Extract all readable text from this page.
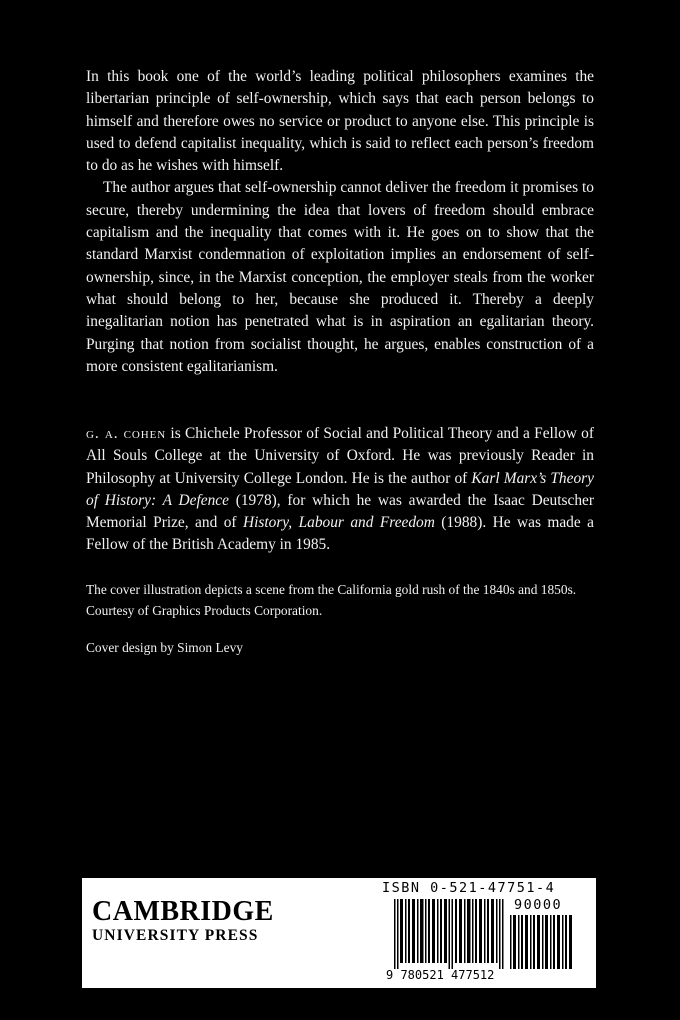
In this book one of the world’s leading political philosophers examines the libertarian principle of self-ownership, which says that each person belongs to himself and therefore owes no service or product to anyone else. This principle is used to defend capitalist inequality, which is said to reflect each person’s freedom to do as he wishes with himself.

The author argues that self-ownership cannot deliver the freedom it promises to secure, thereby undermining the idea that lovers of freedom should embrace capitalism and the inequality that comes with it. He goes on to show that the standard Marxist condemnation of exploitation implies an endorsement of self-ownership, since, in the Marxist conception, the employer steals from the worker what should belong to her, because she produced it. Thereby a deeply inegalitarian notion has penetrated what is in aspiration an egalitarian theory. Purging that notion from socialist thought, he argues, enables construction of a more consistent egalitarianism.

g. a. cohen is Chichele Professor of Social and Political Theory and a Fellow of All Souls College at the University of Oxford. He was previously Reader in Philosophy at University College London. He is the author of Karl Marx’s Theory of History: A Defence (1978), for which he was awarded the Isaac Deutscher Memorial Prize, and of History, Labour and Freedom (1988). He was made a Fellow of the British Academy in 1985.

The cover illustration depicts a scene from the California gold rush of the 1840s and 1850s. Courtesy of Graphics Products Corporation.

Cover design by Simon Levy

CAMBRIDGE
UNIVERSITY PRESS
ISBN 0-521-47751-4
9 780521 477512
90000
